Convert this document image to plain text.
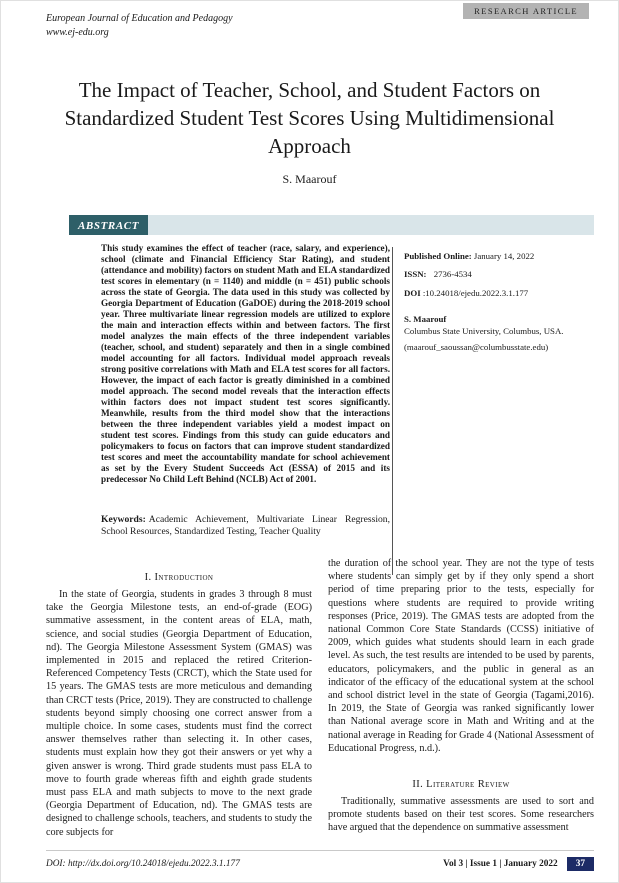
RESEARCH ARTICLE
European Journal of Education and Pedagogy
www.ej-edu.org
The Impact of Teacher, School, and Student Factors on Standardized Student Test Scores Using Multidimensional Approach
S. Maarouf
ABSTRACT

This study examines the effect of teacher (race, salary, and experience), school (climate and Financial Efficiency Star Rating), and student (attendance and mobility) factors on student Math and ELA standardized test scores in elementary (n = 1140) and middle (n = 451) public schools across the state of Georgia. The data used in this study was collected by Georgia Department of Education (GaDOE) during the 2018-2019 school year. Three multivariate linear regression models are utilized to explore the main and interaction effects within and between factors. The first model analyzes the main effects of the three independent variables (teacher, school, and student) separately and then in a single combined model accounting for all factors. Individual model approach reveals strong positive correlations with Math and ELA test scores for all factors. However, the impact of each factor is greatly diminished in a combined model approach. The second model reveals that the interaction effects within factors does not impact student test scores significantly. Meanwhile, results from the third model show that the interactions between the three independent variables yield a modest impact on student test scores. Findings from this study can guide educators and policymakers to focus on factors that can improve student standardized test scores and meet the accountability mandate for school achievement as set by the Every Student Succeeds Act (ESSA) of 2015 and its predecessor No Child Left Behind (NCLB) Act of 2001.

Keywords: Academic Achievement, Multivariate Linear Regression, School Resources, Standardized Testing, Teacher Quality
Published Online: January 14, 2022
ISSN: 2736-4534
DOI :10.24018/ejedu.2022.3.1.177
S. Maarouf
Columbus State University, Columbus, USA.
(maarouf_saoussan@columbusstate.edu)
I. Introduction

In the state of Georgia, students in grades 3 through 8 must take the Georgia Milestone tests, an end-of-grade (EOG) summative assessment, in the content areas of ELA, math, science, and social studies (Georgia Department of Education, nd). The Georgia Milestone Assessment System (GMAS) was implemented in 2015 and replaced the retired Criterion-Referenced Competency Tests (CRCT), which the State used for 15 years. The GMAS tests are more meticulous and demanding than CRCT tests (Price, 2019). They are constructed to challenge students beyond simply choosing one correct answer from a multiple choice. In some cases, students must find the correct answer themselves rather than selecting it. In other cases, students must explain how they got their answers or yet why a given answer is wrong. Third grade students must pass ELA to move to fourth grade whereas fifth and eighth grade students must pass ELA and math subjects to move to the next grade (Georgia Department of Education, nd). The GMAS tests are designed to challenge schools, teachers, and students to study the core subjects for

the duration of the school year. They are not the type of tests where students can simply get by if they only spend a short period of time preparing prior to the tests, especially for questions where students are required to provide writing responses (Price, 2019). The GMAS tests are adopted from the national Common Core State Standards (CCSS) initiative of 2009, which guides what students should learn in each grade level. As such, the test results are intended to be used by parents, educators, policymakers, and the public in general as an indicator of the efficacy of the educational system at the school and school district level in the state of Georgia (Tagami,2016). In 2019, the State of Georgia was ranked significantly lower than National average score in Math and Writing and at the national average in Reading for Grade 4 (National Assessment of Educational Progress, n.d.).

II. Literature Review

Traditionally, summative assessments are used to sort and promote students based on their test scores. Some researchers have argued that the dependence on summative assessment

DOI: http://dx.doi.org/10.24018/ejedu.2022.3.1.177	Vol 3 | Issue 1 | January 2022	37
